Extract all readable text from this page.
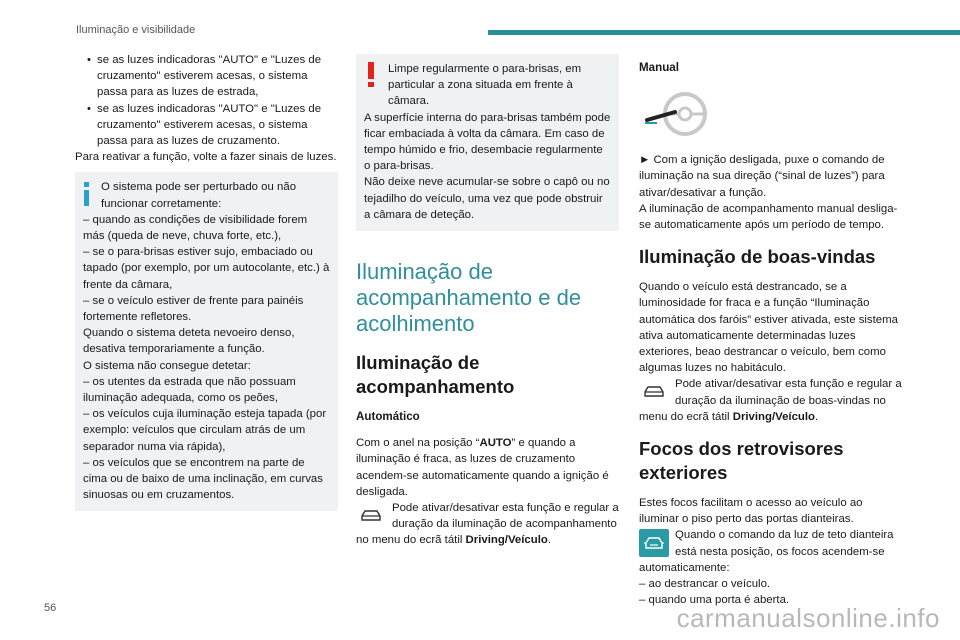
Iluminação e visibilidade

• se as luzes indicadoras "AUTO" e "Luzes de cruzamento" estiverem acesas, o sistema passa para as luzes de estrada,

• se as luzes indicadoras "AUTO" e "Luzes de cruzamento" estiverem acesas, o sistema passa para as luzes de cruzamento.

Para reativar a função, volte a fazer sinais de luzes.

O sistema pode ser perturbado ou não funcionar corretamente:

– quando as condições de visibilidade forem más (queda de neve, chuva forte, etc.),

– se o para-brisas estiver sujo, embaciado ou tapado (por exemplo, por um autocolante, etc.) à frente da câmara,

– se o veículo estiver de frente para painéis fortemente refletores.

Quando o sistema deteta nevoeiro denso, desativa temporariamente a função.

O sistema não consegue detetar:

– os utentes da estrada que não possuam iluminação adequada, como os peões,

– os veículos cuja iluminação esteja tapada (por exemplo: veículos que circulam atrás de um separador numa via rápida),

– os veículos que se encontrem na parte de cima ou de baixo de uma inclinação, em curvas sinuosas ou em cruzamentos.

Limpe regularmente o para-brisas, em particular a zona situada em frente à câmara.

A superfície interna do para-brisas também pode ficar embaciada à volta da câmara. Em caso de tempo húmido e frio, desembacie regularmente o para-brisas.

Não deixe neve acumular-se sobre o capô ou no tejadilho do veículo, uma vez que pode obstruir a câmara de deteção.

Iluminação de acompanhamento e de acolhimento
Iluminação de acompanhamento
Automático

Com o anel na posição “AUTO” e quando a iluminação é fraca, as luzes de cruzamento acendem-se automaticamente quando a ignição é desligada.

Pode ativar/desativar esta função e regular a duração da iluminação de acompanhamento no menu do ecrã tátil Driving/Veículo.

Manual

► Com a ignição desligada, puxe o comando de iluminação na sua direção (“sinal de luzes”) para ativar/desativar a função.

A iluminação de acompanhamento manual desliga-se automaticamente após um período de tempo.

Iluminação de boas-vindas

Quando o veículo está destrancado, se a luminosidade for fraca e a função “Iluminação automática dos faróis” estiver ativada, este sistema ativa automaticamente determinadas luzes exteriores, beao destrancar o veículo, bem como algumas luzes no habitáculo.

Pode ativar/desativar esta função e regular a duração da iluminação de boas-vindas no menu do ecrã tátil Driving/Veículo.

Focos dos retrovisores exteriores

Estes focos facilitam o acesso ao veículo ao iluminar o piso perto das portas dianteiras.

Quando o comando da luz de teto dianteira está nesta posição, os focos acendem-se automaticamente:

– ao destrancar o veículo.

– quando uma porta é aberta.

56	carmanualsonline.info
